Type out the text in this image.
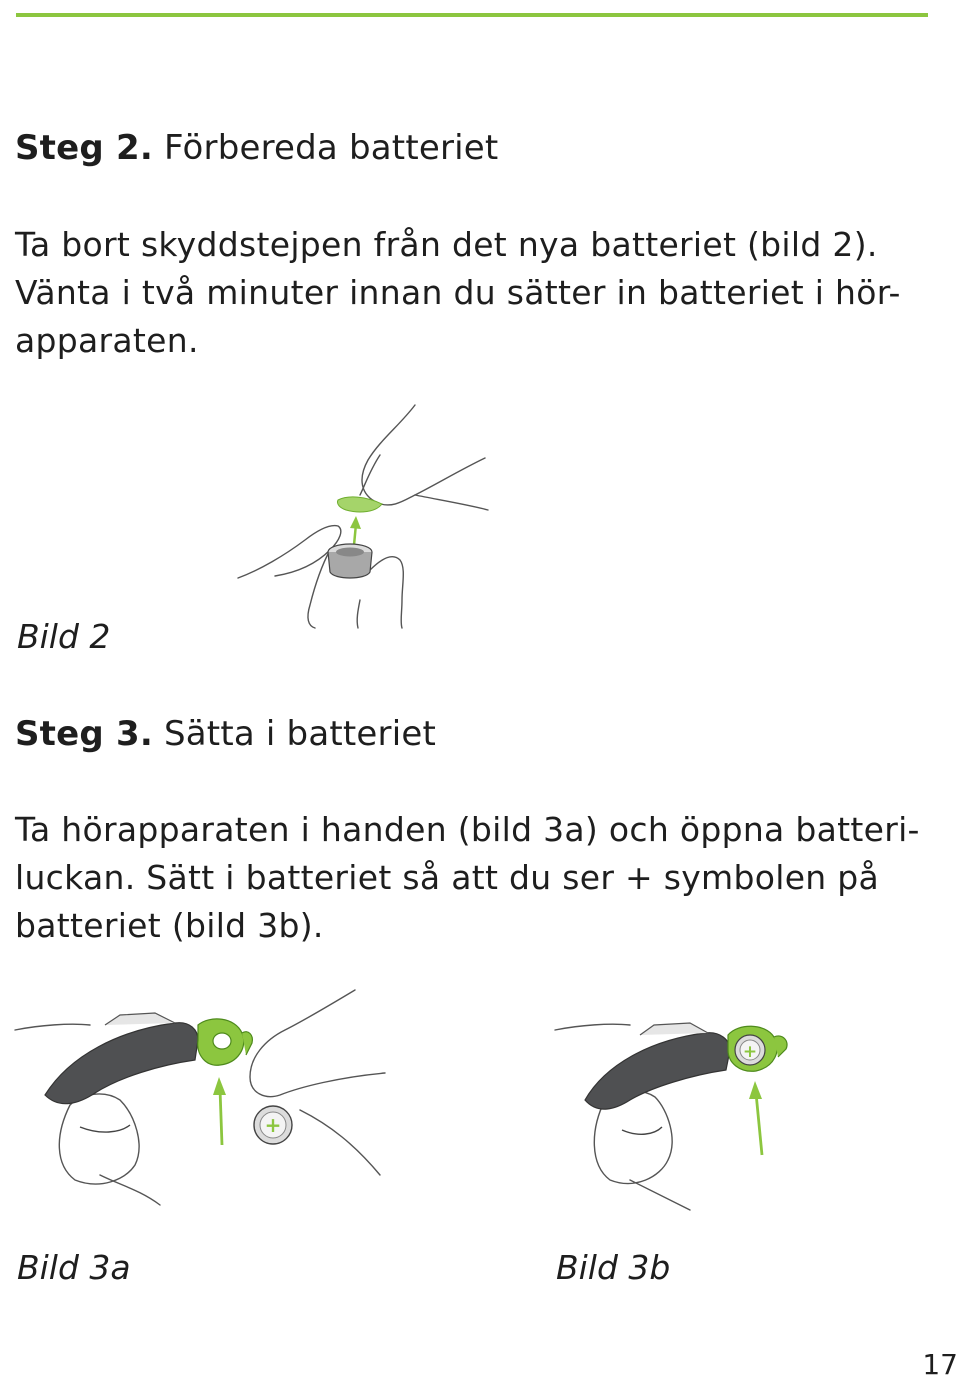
Steg 2. Förbereda batteriet
Ta bort skyddstejpen från det nya batteriet (bild 2).
Vänta i två minuter innan du sätter in batteriet i hör-
apparaten.
Bild 2
Steg 3. Sätta i batteriet
Ta hörapparaten i handen (bild 3a) och öppna batteri-
luckan. Sätt i batteriet så att du ser + symbolen på
batteriet (bild 3b).
+
+
Bild 3a	Bild 3b
17
